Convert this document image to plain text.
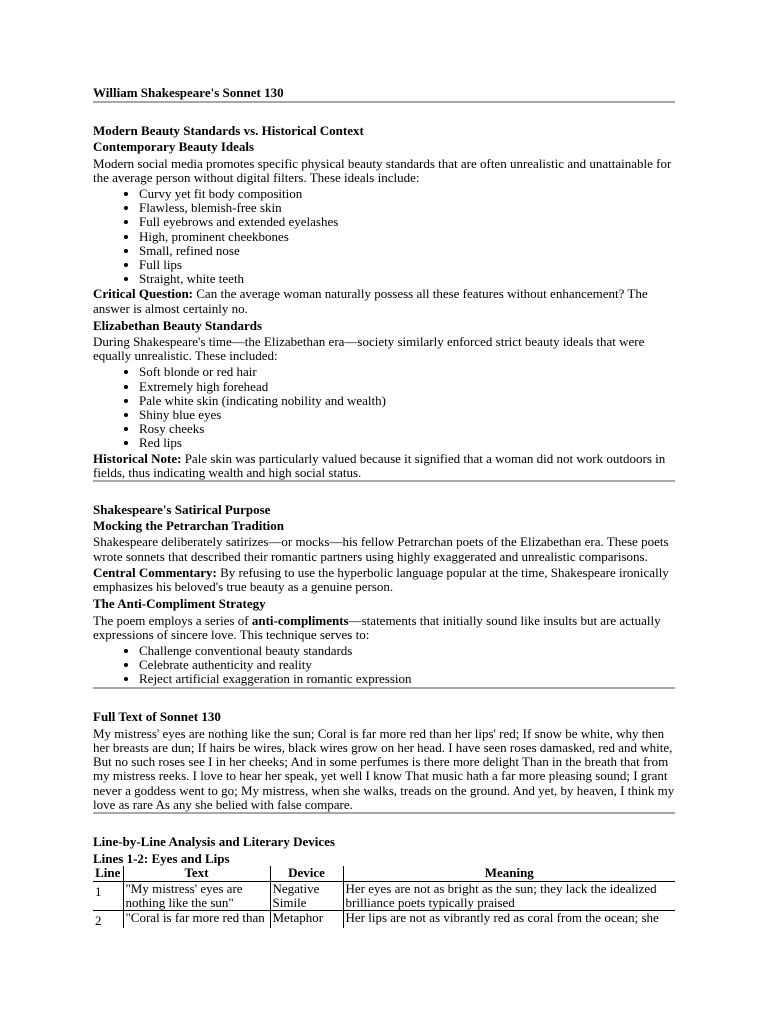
William Shakespeare's Sonnet 130
Modern Beauty Standards vs. Historical Context
Contemporary Beauty Ideals

Modern social media promotes specific physical beauty standards that are often unrealistic and unattainable for the average person without digital filters. These ideals include:

• Curvy yet fit body composition
• Flawless, blemish-free skin
• Full eyebrows and extended eyelashes
• High, prominent cheekbones
• Small, refined nose
• Full lips
• Straight, white teeth

Critical Question: Can the average woman naturally possess all these features without enhancement? The answer is almost certainly no.

Elizabethan Beauty Standards

During Shakespeare's time—the Elizabethan era—society similarly enforced strict beauty ideals that were equally unrealistic. These included:

• Soft blonde or red hair
• Extremely high forehead
• Pale white skin (indicating nobility and wealth)
• Shiny blue eyes
• Rosy cheeks
• Red lips

Historical Note: Pale skin was particularly valued because it signified that a woman did not work outdoors in fields, thus indicating wealth and high social status.

Shakespeare's Satirical Purpose
Mocking the Petrarchan Tradition

Shakespeare deliberately satirizes—or mocks—his fellow Petrarchan poets of the Elizabethan era. These poets wrote sonnets that described their romantic partners using highly exaggerated and unrealistic comparisons.

Central Commentary: By refusing to use the hyperbolic language popular at the time, Shakespeare ironically emphasizes his beloved's true beauty as a genuine person.

The Anti-Compliment Strategy

The poem employs a series of anti-compliments—statements that initially sound like insults but are actually expressions of sincere love. This technique serves to:

• Challenge conventional beauty standards
• Celebrate authenticity and reality
• Reject artificial exaggeration in romantic expression
Full Text of Sonnet 130

My mistress' eyes are nothing like the sun; Coral is far more red than her lips' red; If snow be white, why then her breasts are dun; If hairs be wires, black wires grow on her head. I have seen roses damasked, red and white, But no such roses see I in her cheeks; And in some perfumes is there more delight Than in the breath that from my mistress reeks. I love to hear her speak, yet well I know That music hath a far more pleasing sound; I grant never a goddess went to go; My mistress, when she walks, treads on the ground. And yet, by heaven, I think my love as rare As any she belied with false compare.

Line-by-Line Analysis and Literary Devices
Lines 1-2: Eyes and Lips
Line	Text	Device	Meaning
1	"My mistress' eyes are nothing like the sun"	Negative Simile	Her eyes are not as bright as the sun; they lack the idealized brilliance poets typically praised
2	"Coral is far more red than	Metaphor	Her lips are not as vibrantly red as coral from the ocean; she
